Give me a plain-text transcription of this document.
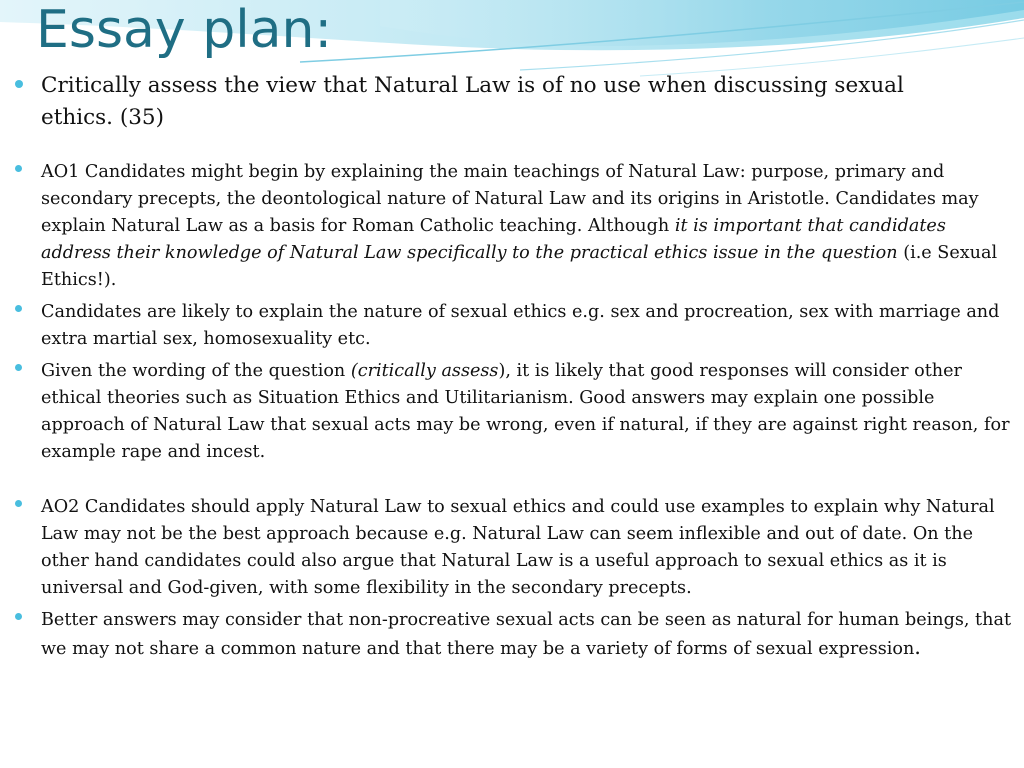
Essay plan:
Critically assess the view that Natural Law is of no use when discussing sexual ethics. (35)
AO1 Candidates might begin by explaining the main teachings of Natural Law: purpose, primary and secondary precepts, the deontological nature of Natural Law and its origins in Aristotle. Candidates may explain Natural Law as a basis for Roman Catholic teaching. Although it is important that candidates address their knowledge of Natural Law specifically to the practical ethics issue in the question (i.e Sexual Ethics!).
Candidates are likely to explain the nature of sexual ethics e.g. sex and procreation, sex with marriage and extra martial sex, homosexuality etc.
Given the wording of the question (critically assess), it is likely that good responses will consider other ethical theories such as Situation Ethics and Utilitarianism. Good answers may explain one possible approach of Natural Law that sexual acts may be wrong, even if natural, if they are against right reason, for example rape and incest.
AO2 Candidates should apply Natural Law to sexual ethics and could use examples to explain why Natural Law may not be the best approach because e.g. Natural Law can seem inflexible and out of date. On the other hand candidates could also argue that Natural Law is a useful approach to sexual ethics as it is universal and God-given, with some flexibility in the secondary precepts.
Better answers may consider that non-procreative sexual acts can be seen as natural for human beings, that we may not share a common nature and that there may be a variety of forms of sexual expression.
